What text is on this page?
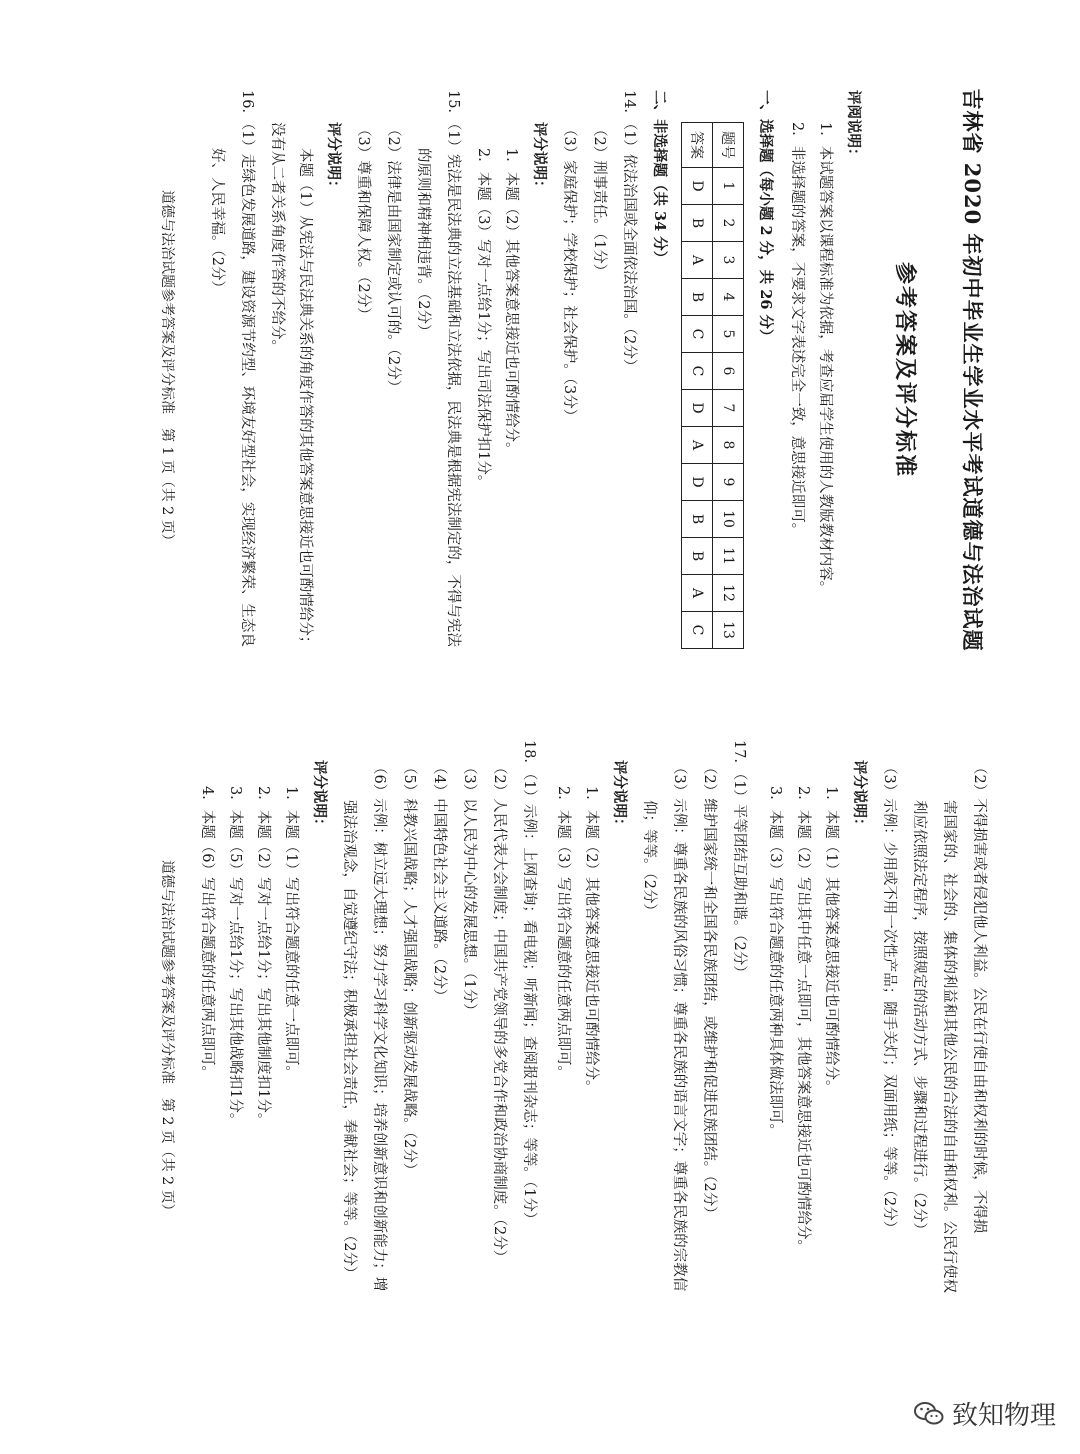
吉林省 2020 年初中毕业生学业水平考试道德与法治试题
参考答案及评分标准
评阅说明：
1．本试题答案以课程标准为依据，考查应届学生使用的人教版教材内容。
2．非选择题的答案，不要求文字表述完全一致，意思接近即可。
一、选择题（每小题 2 分，共 26 分）
题号	1	2	3	4	5	6	7	8	9	10	11	12	13
答案	D	B	A	B	C	C	D	A	D	B	B	A	C
二、非选择题（共 34 分）
14．（1）依法治国或全面依法治国。（2分）
（2）刑事责任。（1分）
（3）家庭保护；学校保护；社会保护。（3分）
评分说明：
1．本题（2）其他答案意思接近也可酌情给分。
2．本题（3）写对一点给1分；写出司法保护扣1分。
15．（1）宪法是民法典的立法基础和立法依据，民法典是根据宪法制定的，不得与宪法
的原则和精神相违背。（2分）
（2）法律是由国家制定或认可的。（2分）
（3）尊重和保障人权。（2分）
评分说明：
本题（1）从宪法与民法典关系的角度作答的其他答案意思接近也可酌情给分；
没有从二者关系角度作答的不给分。
16．（1）走绿色发展道路，建设资源节约型、环境友好型社会，实现经济繁荣、生态良
好、人民幸福。（2分）
道德与法治试题参考答案及评分标准　第 1 页（共 2 页）
（2）不得损害或者侵犯他人利益。公民在行使自由和权利的时候，不得损
害国家的、社会的、集体的利益和其他公民的合法的自由和权利。公民行使权
利应依照法定程序，按照规定的活动方式、步骤和过程进行。（2分）
（3）示例：少用或不用一次性产品；随手关灯；双面用纸；等等。（2分）
评分说明：
1．本题（1）其他答案意思接近也可酌情给分。
2．本题（2）写出其中任意一点即可，其他答案意思接近也可酌情给分。
3．本题（3）写出符合题意的任意两种具体做法即可。
17．（1）平等团结互助和谐。（2分）
（2）维护国家统一和全国各民族团结，或维护和促进民族团结。（2分）
（3）示例：尊重各民族的风俗习惯；尊重各民族的语言文字；尊重各民族的宗教信
仰；等等。（2分）
评分说明：
1．本题（2）其他答案意思接近也可酌情给分。
2．本题（3）写出符合题意的任意两点即可。
18．（1）示例：上网查询；看电视；听新闻；查阅报刊杂志；等等。（1分）
（2）人民代表大会制度；中国共产党领导的多党合作和政治协商制度。（2分）
（3）以人民为中心的发展思想。（1分）
（4）中国特色社会主义道路。（2分）
（5）科教兴国战略；人才强国战略；创新驱动发展战略。（2分）
（6）示例：树立远大理想；努力学习科学文化知识；培养创新意识和创新能力；增
强法治观念，自觉遵纪守法；积极承担社会责任，奉献社会；等等。（2分）
评分说明：
1．本题（1）写出符合题意的任意一点即可。
2．本题（2）写对一点给1分；写出其他制度扣1分。
3．本题（5）写对一点给1分；写出其他战略扣1分。
4．本题（6）写出符合题意的任意两点即可。
道德与法治试题参考答案及评分标准　第 2 页（共 2 页）
致知物理
